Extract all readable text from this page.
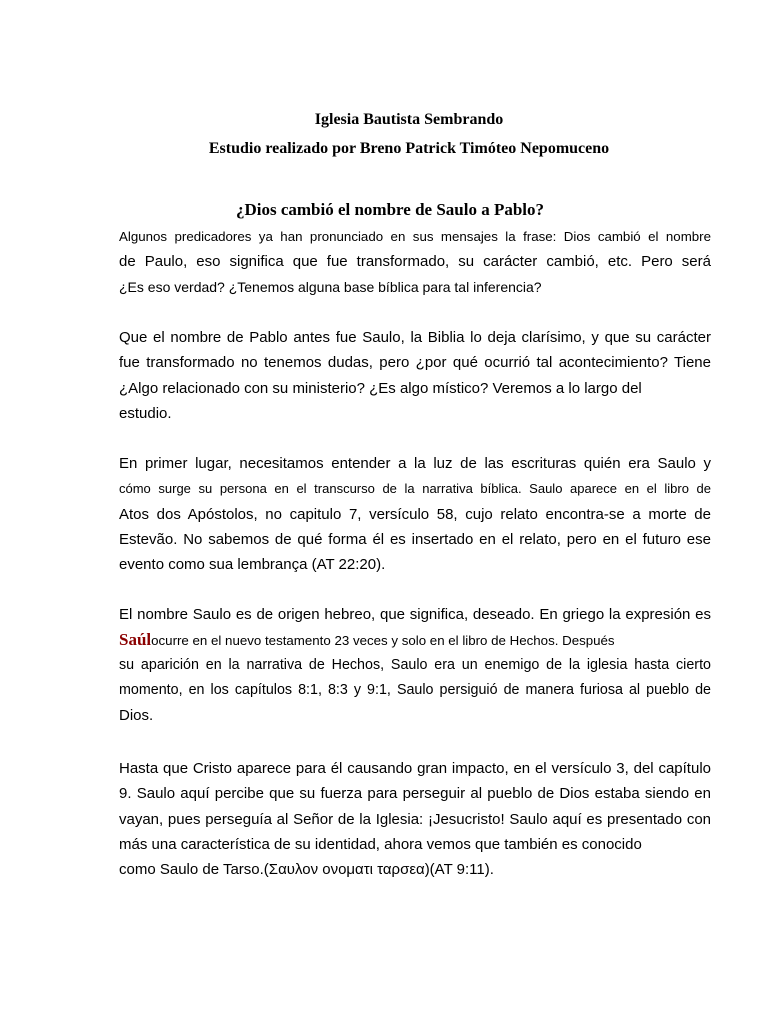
Iglesia Bautista Sembrando
Estudio realizado por Breno Patrick Timóteo Nepomuceno
¿Dios cambió el nombre de Saulo a Pablo?
Algunos predicadores ya han pronunciado en sus mensajes la frase: Dios cambió el nombre
de Paulo, eso significa que fue transformado, su carácter cambió, etc. Pero será
¿Es eso verdad? ¿Tenemos alguna base bíblica para tal inferencia?
Que el nombre de Pablo antes fue Saulo, la Biblia lo deja clarísimo, y que su carácter
fue transformado no tenemos dudas, pero ¿por qué ocurrió tal acontecimiento? Tiene
¿Algo relacionado con su ministerio? ¿Es algo místico? Veremos a lo largo del
estudio.
En primer lugar, necesitamos entender a la luz de las escrituras quién era Saulo y
cómo surge su persona en el transcurso de la narrativa bíblica. Saulo aparece en el libro de
Atos dos Apóstolos, no capitulo 7, versículo 58, cujo relato encontra-se a morte de
Estevão. No sabemos de qué forma él es insertado en el relato, pero en el futuro ese
evento como sua lembrança (AT 22:20).
El nombre Saulo es de origen hebreo, que significa, deseado. En griego la expresión es
Saúlocurre en el nuevo testamento 23 veces y solo en el libro de Hechos. Después
su aparición en la narrativa de Hechos, Saulo era un enemigo de la iglesia hasta cierto
momento, en los capítulos 8:1, 8:3 y 9:1, Saulo persiguió de manera furiosa al pueblo de
Dios.
Hasta que Cristo aparece para él causando gran impacto, en el versículo 3, del capítulo
9. Saulo aquí percibe que su fuerza para perseguir al pueblo de Dios estaba siendo en
vayan, pues perseguía al Señor de la Iglesia: ¡Jesucristo! Saulo aquí es presentado con
más una característica de su identidad, ahora vemos que también es conocido
como Saulo de Tarso.(Σαυλον ονοματι ταρσεα)(AT 9:11).
